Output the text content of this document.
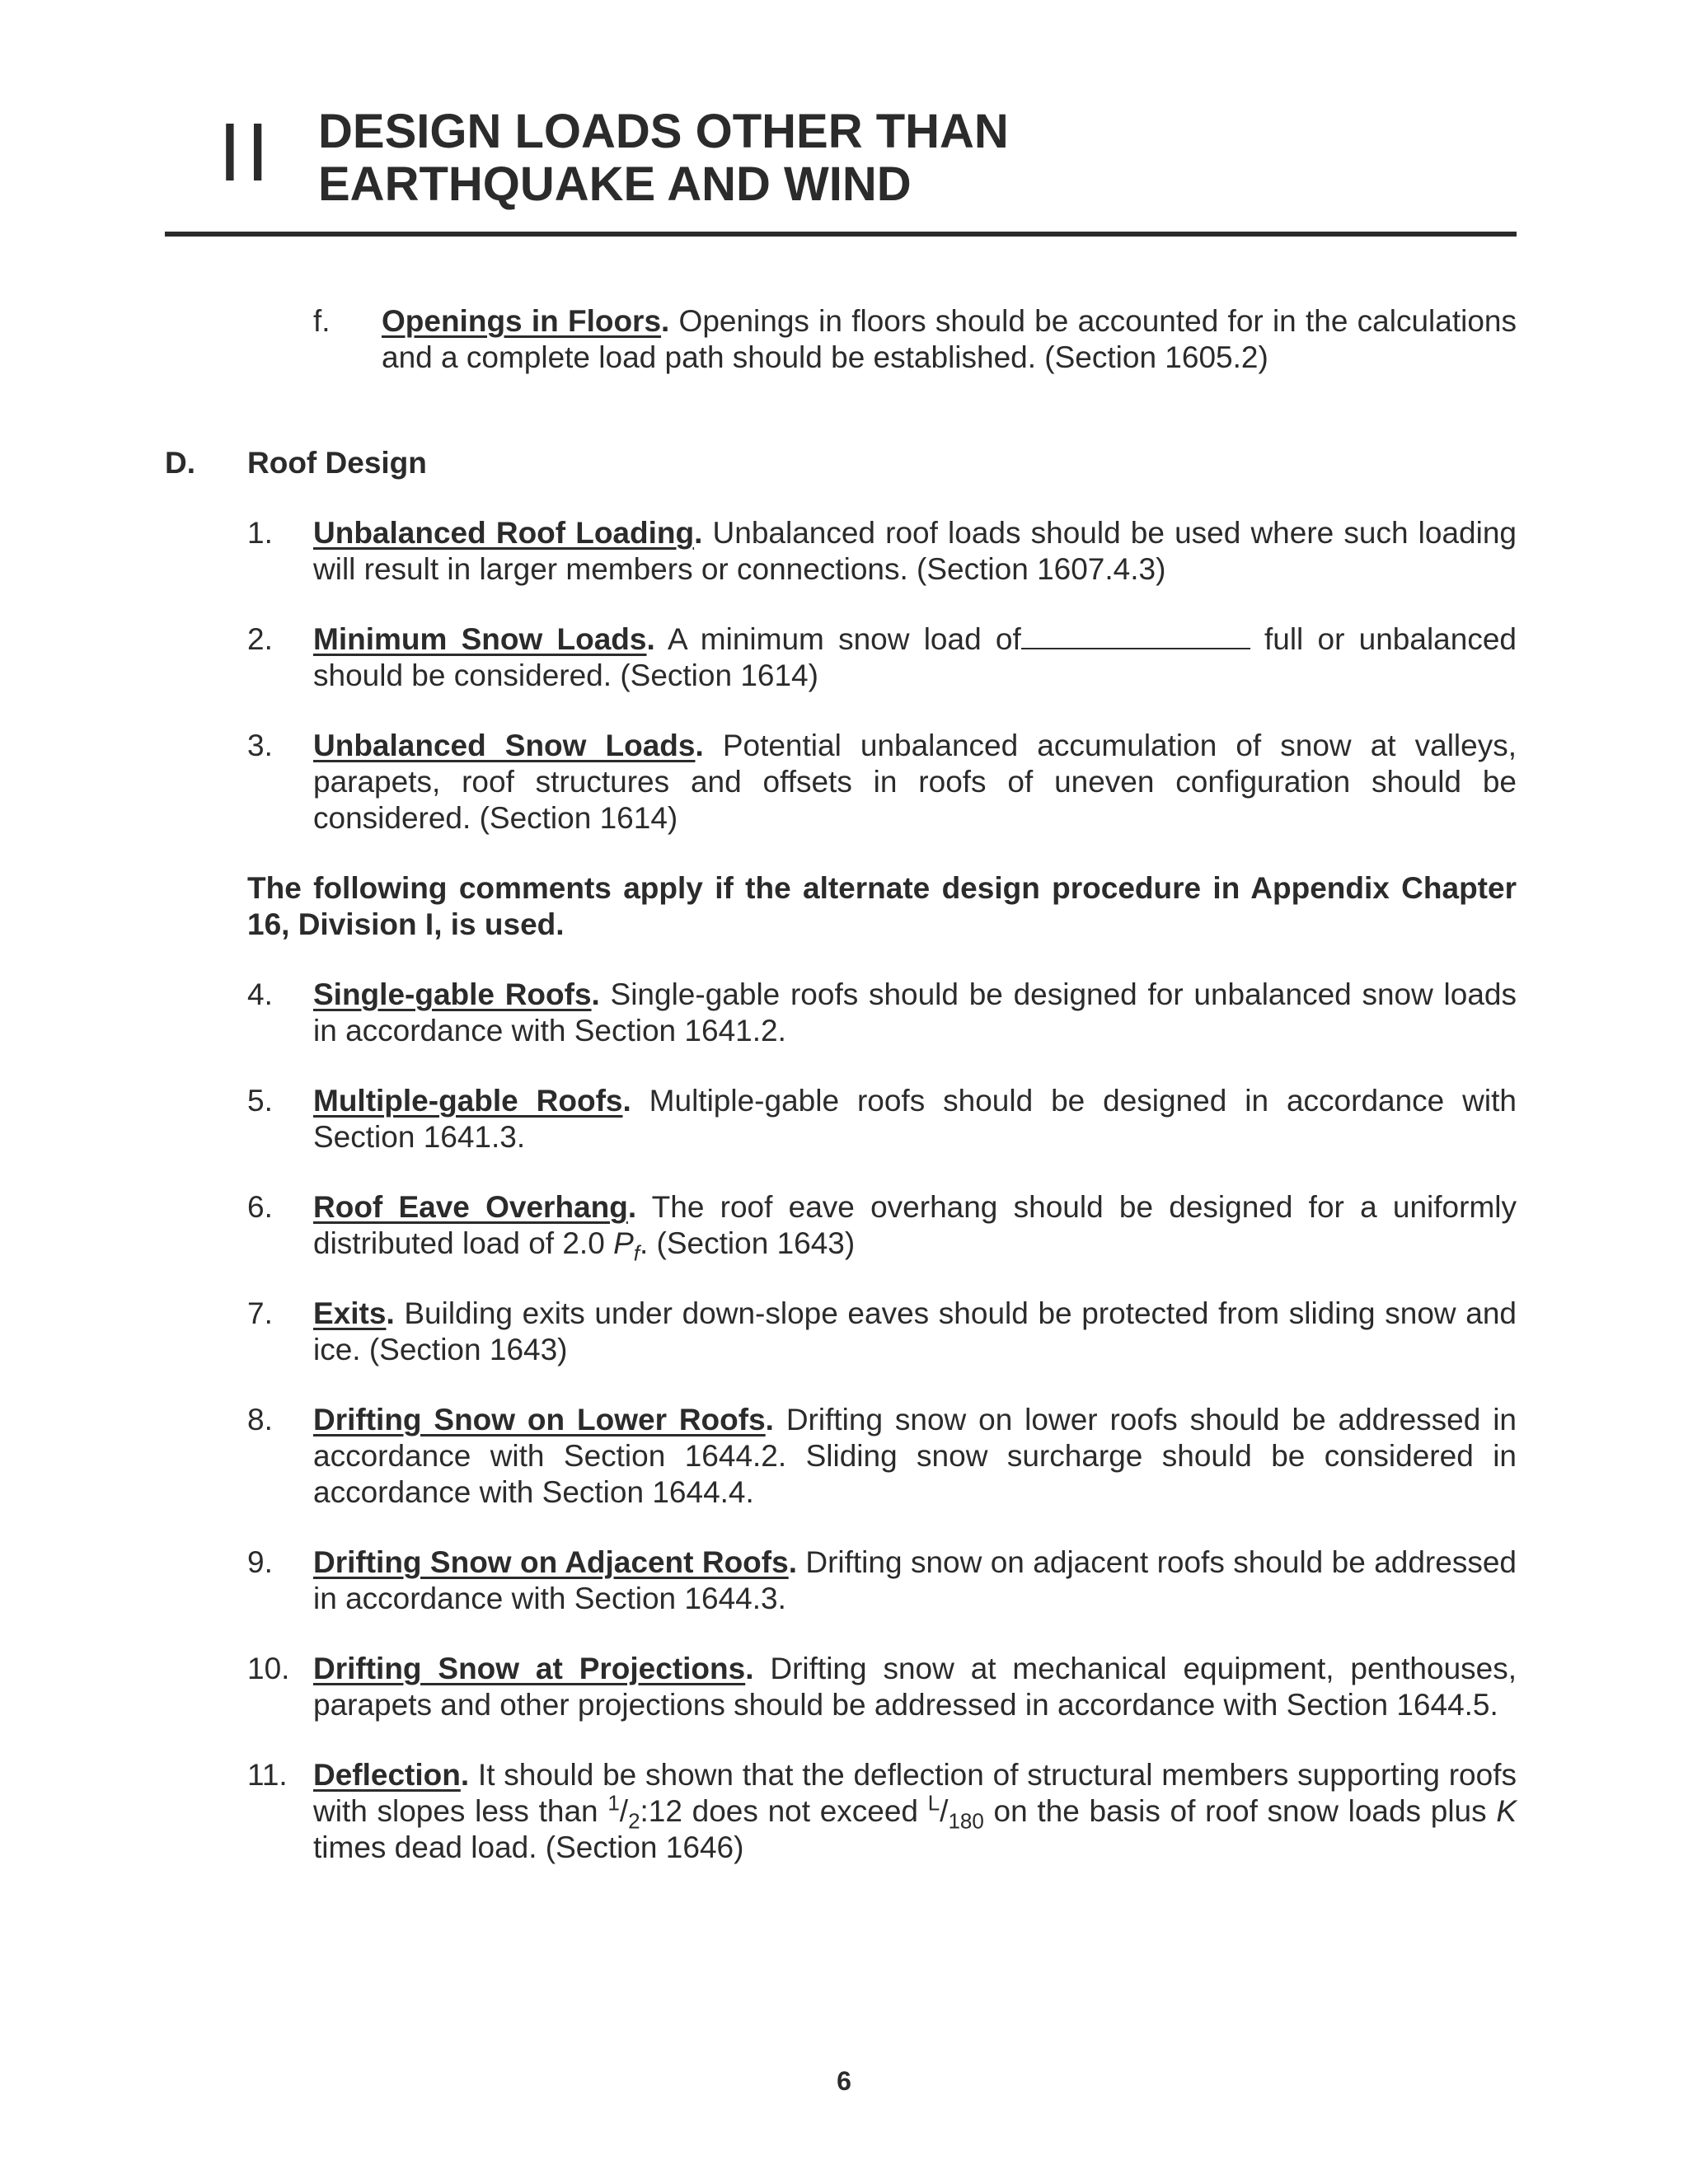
II DESIGN LOADS OTHER THAN
EARTHQUAKE AND WIND
f. Openings in Floors. Openings in floors should be accounted for in the calculations and a complete load path should be established. (Section 1605.2)
D. Roof Design
1. Unbalanced Roof Loading. Unbalanced roof loads should be used where such loading will result in larger members or connections. (Section 1607.4.3)
2. Minimum Snow Loads. A minimum snow load of	full or unbalanced should be considered. (Section 1614)
3. Unbalanced Snow Loads. Potential unbalanced accumulation of snow at valleys, parapets, roof structures and offsets in roofs of uneven configuration should be considered. (Section 1614)
The following comments apply if the alternate design procedure in Appendix Chapter 16, Division I, is used.
4. Single-gable Roofs. Single-gable roofs should be designed for unbalanced snow loads in accordance with Section 1641.2.
5. Multiple-gable Roofs. Multiple-gable roofs should be designed in accordance with Section 1641.3.
6. Roof Eave Overhang. The roof eave overhang should be designed for a uniformly distributed load of 2.0 $P_f$. (Section 1643)
7. Exits. Building exits under down-slope eaves should be protected from sliding snow and ice. (Section 1643)
8. Drifting Snow on Lower Roofs. Drifting snow on lower roofs should be addressed in accordance with Section 1644.2. Sliding snow surcharge should be considered in accordance with Section 1644.4.
9. Drifting Snow on Adjacent Roofs. Drifting snow on adjacent roofs should be addressed in accordance with Section 1644.3.
10. Drifting Snow at Projections. Drifting snow at mechanical equipment, penthouses, parapets and other projections should be addressed in accordance with Section 1644.5.
11. Deflection. It should be shown that the deflection of structural members supporting roofs with slopes less than $^1/_2:12$ does not exceed $^L/_{180}$ on the basis of roof snow loads plus K times dead load. (Section 1646)
6
